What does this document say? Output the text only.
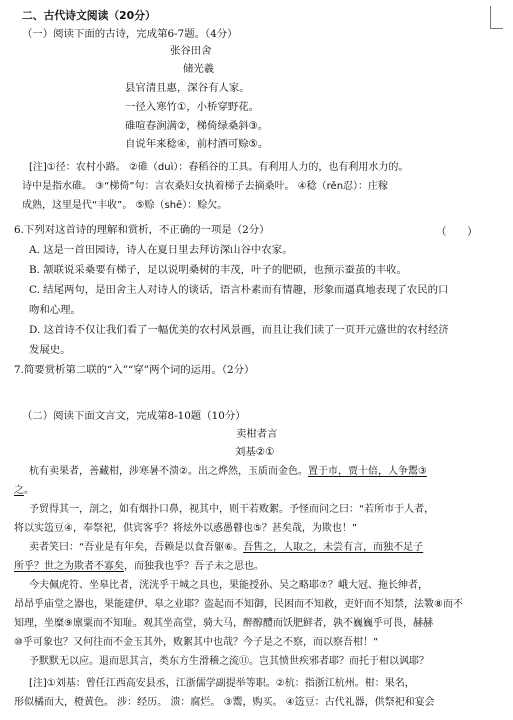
二、古代诗文阅读（20分）
（一）阅读下面的古诗，完成第6-7题。（4分）
张谷田舍
储光羲
县官清且惠，深谷有人家。
一径入寒竹①，小桥穿野花。
碓喧春涧满②，梯倚绿桑斜③。
自说年来稔④，前村酒可赊⑤。
[注]①径：农村小路。 ②碓（duì）：舂稻谷的工具。有利用人力的，也有利用水力的。
诗中是指水碓。 ③“梯倚”句：言农桑妇女执着梯子去摘桑叶。 ④稔（rěn忍）：庄稼
成熟，这里是代“丰收”。 ⑤赊（shē）：赊欠。
6.下列对这首诗的理解和赏析，不正确的一项是（2分）	（　　）
A. 这是一首田园诗，诗人在夏日里去拜访深山谷中农家。
B. 颔联说采桑要有梯子，足以说明桑树的丰茂，叶子的肥硕，也预示蚕茧的丰收。
C. 结尾两句，是田舍主人对诗人的谈话，语言朴素而有情趣，形象而逼真地表现了农民的口
吻和心理。
D. 这首诗不仅让我们看了一幅优美的农村风景画，而且让我们读了一页开元盛世的农村经济
发展史。
7.简要赏析第二联的“入”“穿”两个词的运用。（2分）
（二）阅读下面文言文，完成第8-10题（10分）
卖柑者言
刘基②①
杭有卖果者，善藏柑，涉寒暑不溃②。出之烨然，玉质而金色。置于市，贾十倍，人争鬻③
之。
予贸得其一，剖之，如有烟扑口鼻，视其中，则干若败絮。予怪而问之曰：“若所市于人者，
将以实笾豆④，奉祭祀，供宾客乎？将炫外以惑愚瞽也⑤？甚矣哉，为欺也！”
卖者笑曰：“吾业是有年矣，吾赖是以食吾躯⑥。吾售之，人取之，未尝有言，而独不足子
所乎？世之为欺者不寡矣，而独我也乎？吾子未之思也。
今夫佩虎符、坐皋比者，洸洸乎干城之具也，果能授孙、吴之略耶⑦？峨大冠、拖长绅者，
昂昂乎庙堂之器也，果能建伊、皋之业耶？盗起而不知御，民困而不知救，吏奸而不知禁，法斁⑧而不
知理，坐糜⑨廪粟而不知耻。观其坐高堂，骑大马，醉醇醴而饫肥鲜者，孰不巍巍乎可畏，赫赫
⑩乎可象也？又何往而不金玉其外，败絮其中也哉？今子是之不察，而以察吾柑！”
予默默无以应。退而思其言，类东方生滑稽之流⑪。岂其愤世疾邪者耶？而托于柑以讽耶？
[注]①刘基：曾任江西高安县丞，江浙儒学副提举等职。②杭：指浙江杭州。柑：果名，
形似橘而大，橙黄色。 涉：经历。 溃：腐烂。 ③鬻，购买。 ④笾豆：古代礼器，供祭祀和宴会
